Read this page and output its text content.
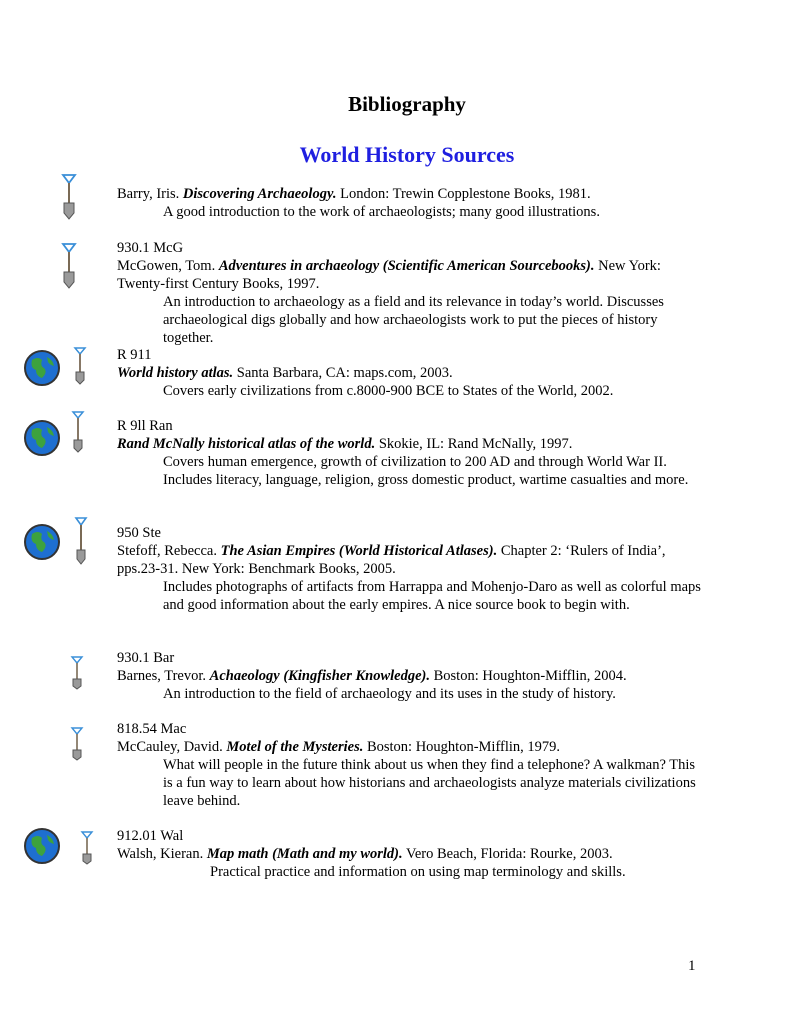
Bibliography
World History Sources

Barry, Iris. Discovering Archaeology. London: Trewin Copplestone Books, 1981.

A good introduction to the work of archaeologists; many good illustrations.

930.1 McG

McGowen, Tom. Adventures in archaeology (Scientific American Sourcebooks). New York: Twenty-first Century Books, 1997.

An introduction to archaeology as a field and its relevance in today’s world. Discusses archaeological digs globally and how archaeologists work to put the pieces of history together.

R 911

World history atlas. Santa Barbara, CA: maps.com, 2003.

Covers early civilizations from c.8000-900 BCE to States of the World, 2002.

R 9ll Ran

Rand McNally historical atlas of the world. Skokie, IL: Rand McNally, 1997.

Covers human emergence, growth of civilization to 200 AD and through World War II. Includes literacy, language, religion, gross domestic product, wartime casualties and more.

950 Ste

Stefoff, Rebecca. The Asian Empires (World Historical Atlases). Chapter 2: ‘Rulers of India’, pps.23-31. New York: Benchmark Books, 2005.

Includes photographs of artifacts from Harrappa and Mohenjo-Daro as well as colorful maps and good information about the early empires. A nice source book to begin with.

930.1 Bar

Barnes, Trevor. Achaeology (Kingfisher Knowledge). Boston: Houghton-Mifflin, 2004.

An introduction to the field of archaeology and its uses in the study of history.

818.54 Mac

McCauley, David. Motel of the Mysteries. Boston: Houghton-Mifflin, 1979.

What will people in the future think about us when they find a telephone? A walkman? This is a fun way to learn about how historians and archaeologists analyze materials civilizations leave behind.

912.01 Wal

Walsh, Kieran. Map math (Math and my world). Vero Beach, Florida: Rourke, 2003.

Practical practice and information on using map terminology and skills.

1
